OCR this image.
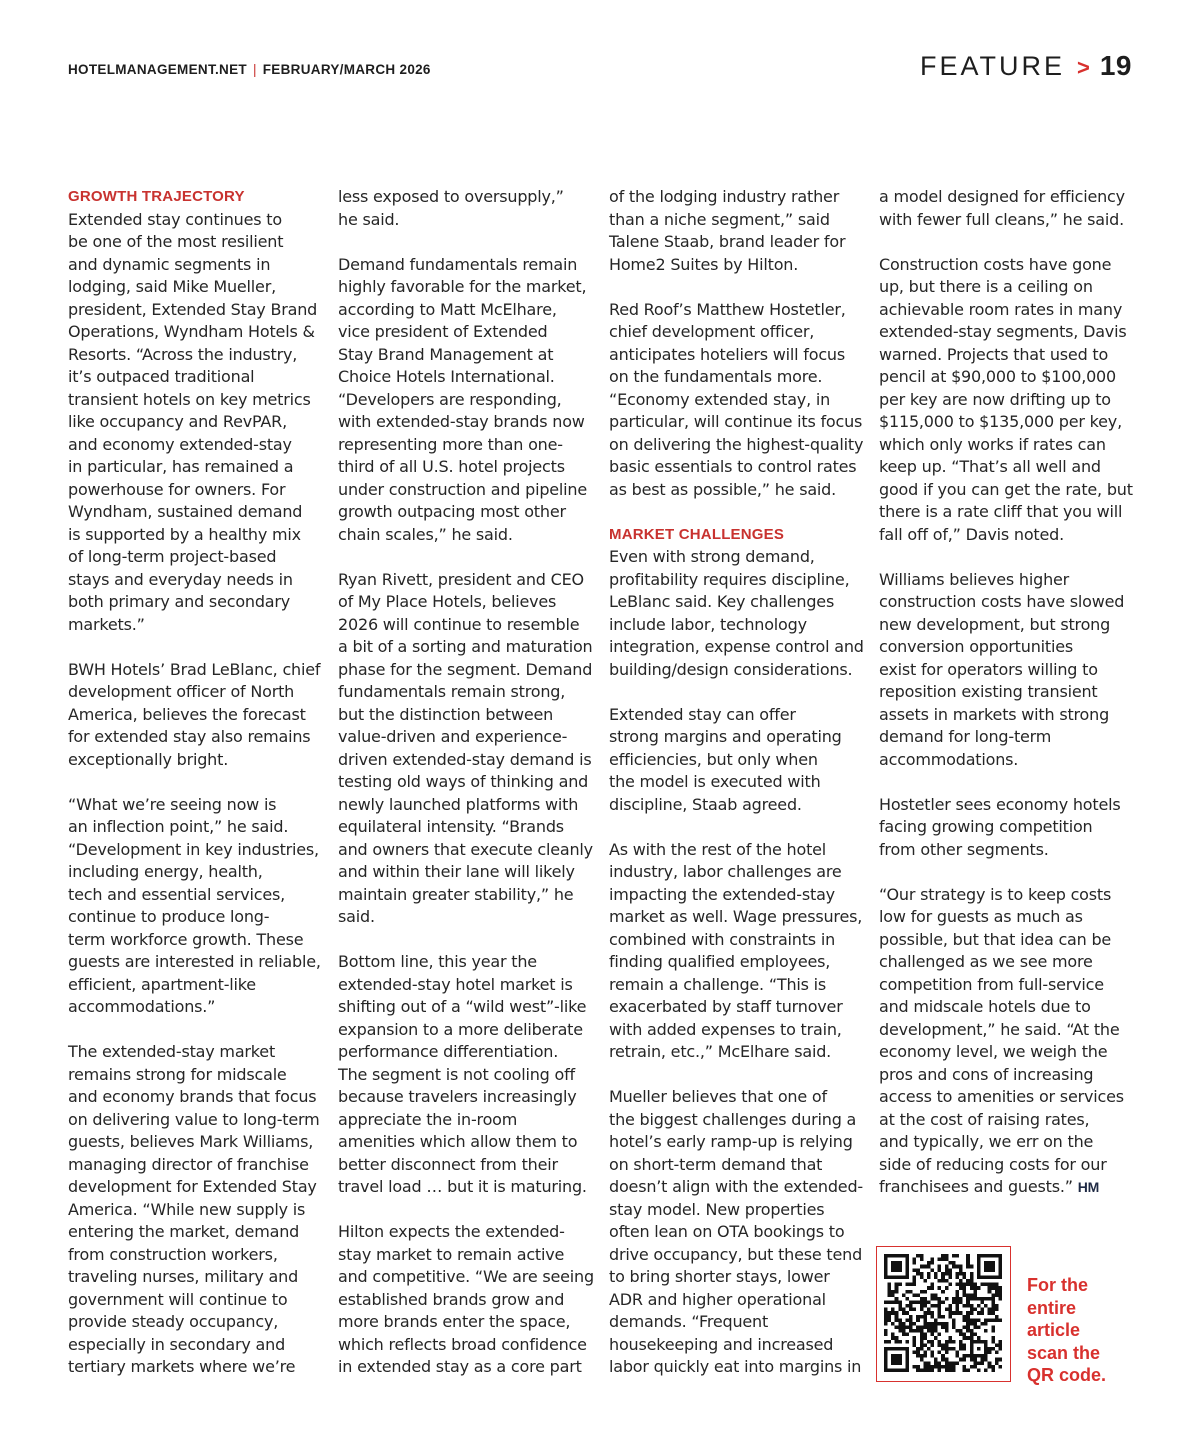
HOTELMANAGEMENT.NET | FEBRUARY/MARCH 2026	FEATURE > 19
GROWTH TRAJECTORY
Extended stay continues to
be one of the most resilient
and dynamic segments in
lodging, said Mike Mueller,
president, Extended Stay Brand
Operations, Wyndham Hotels &
Resorts. “Across the industry,
it’s outpaced traditional
transient hotels on key metrics
like occupancy and RevPAR,
and economy extended-stay
in particular, has remained a
powerhouse for owners. For
Wyndham, sustained demand
is supported by a healthy mix
of long-term project-based
stays and everyday needs in
both primary and secondary
markets.”
BWH Hotels’ Brad LeBlanc, chief
development officer of North
America, believes the forecast
for extended stay also remains
exceptionally bright.
“What we’re seeing now is
an inflection point,” he said.
“Development in key industries,
including energy, health,
tech and essential services,
continue to produce long-
term workforce growth. These
guests are interested in reliable,
efficient, apartment-like
accommodations.”
The extended-stay market
remains strong for midscale
and economy brands that focus
on delivering value to long-term
guests, believes Mark Williams,
managing director of franchise
development for Extended Stay
America. “While new supply is
entering the market, demand
from construction workers,
traveling nurses, military and
government will continue to
provide steady occupancy,
especially in secondary and
tertiary markets where we’re
less exposed to oversupply,”
he said.
Demand fundamentals remain
highly favorable for the market,
according to Matt McElhare,
vice president of Extended
Stay Brand Management at
Choice Hotels International.
“Developers are responding,
with extended-stay brands now
representing more than one-
third of all U.S. hotel projects
under construction and pipeline
growth outpacing most other
chain scales,” he said.
Ryan Rivett, president and CEO
of My Place Hotels, believes
2026 will continue to resemble
a bit of a sorting and maturation
phase for the segment. Demand
fundamentals remain strong,
but the distinction between
value-driven and experience-
driven extended-stay demand is
testing old ways of thinking and
newly launched platforms with
equilateral intensity. “Brands
and owners that execute cleanly
and within their lane will likely
maintain greater stability,” he
said.
Bottom line, this year the
extended-stay hotel market is
shifting out of a “wild west”-like
expansion to a more deliberate
performance differentiation.
The segment is not cooling off
because travelers increasingly
appreciate the in-room
amenities which allow them to
better disconnect from their
travel load … but it is maturing.
Hilton expects the extended-
stay market to remain active
and competitive. “We are seeing
established brands grow and
more brands enter the space,
which reflects broad confidence
in extended stay as a core part
of the lodging industry rather
than a niche segment,” said
Talene Staab, brand leader for
Home2 Suites by Hilton.
Red Roof’s Matthew Hostetler,
chief development officer,
anticipates hoteliers will focus
on the fundamentals more.
“Economy extended stay, in
particular, will continue its focus
on delivering the highest-quality
basic essentials to control rates
as best as possible,” he said.
MARKET CHALLENGES
Even with strong demand,
profitability requires discipline,
LeBlanc said. Key challenges
include labor, technology
integration, expense control and
building/design considerations.
Extended stay can offer
strong margins and operating
efficiencies, but only when
the model is executed with
discipline, Staab agreed.
As with the rest of the hotel
industry, labor challenges are
impacting the extended-stay
market as well. Wage pressures,
combined with constraints in
finding qualified employees,
remain a challenge. “This is
exacerbated by staff turnover
with added expenses to train,
retrain, etc.,” McElhare said.
Mueller believes that one of
the biggest challenges during a
hotel’s early ramp-up is relying
on short-term demand that
doesn’t align with the extended-
stay model. New properties
often lean on OTA bookings to
drive occupancy, but these tend
to bring shorter stays, lower
ADR and higher operational
demands. “Frequent
housekeeping and increased
labor quickly eat into margins in
a model designed for efficiency
with fewer full cleans,” he said.
Construction costs have gone
up, but there is a ceiling on
achievable room rates in many
extended-stay segments, Davis
warned. Projects that used to
pencil at $90,000 to $100,000
per key are now drifting up to
$115,000 to $135,000 per key,
which only works if rates can
keep up. “That’s all well and
good if you can get the rate, but
there is a rate cliff that you will
fall off of,” Davis noted.
Williams believes higher
construction costs have slowed
new development, but strong
conversion opportunities
exist for operators willing to
reposition existing transient
assets in markets with strong
demand for long-term
accommodations.
Hostetler sees economy hotels
facing growing competition
from other segments.
“Our strategy is to keep costs
low for guests as much as
possible, but that idea can be
challenged as we see more
competition from full-service
and midscale hotels due to
development,” he said. “At the
economy level, we weigh the
pros and cons of increasing
access to amenities or services
at the cost of raising rates,
and typically, we err on the
side of reducing costs for our
franchisees and guests.” HM
For the
entire
article
scan the
QR code.
